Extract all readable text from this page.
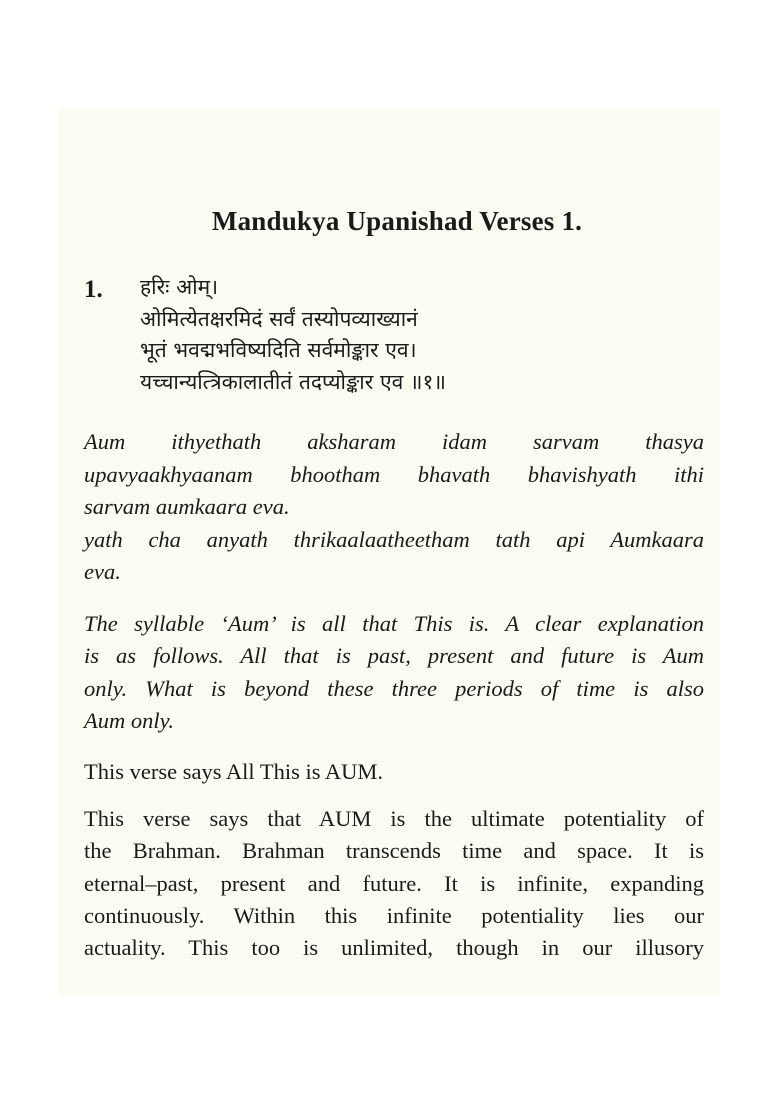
Mandukya Upanishad Verses 1.
1. हरिः ओम्।
ओमित्येतक्षरमिदं सर्वं तस्योपव्याख्यानं
भूतं भवद्मभविष्यदिति सर्वमोङ्कार एव।
यच्चान्यत्त्रिकालातीतं तदप्योङ्कार एव ॥१॥
Aum ithyethath aksharam idam sarvam thasya
upavyaakhyaanam bhootham bhavath bhavishyath ithi
sarvam aumkaara eva.
yath cha anyath thrikaalaatheetham tath api Aumkaara
eva.
The syllable ‘Aum’ is all that This is. A clear explanation
is as follows. All that is past, present and future is Aum
only. What is beyond these three periods of time is also
Aum only.
This verse says All This is AUM.
This verse says that AUM is the ultimate potentiality of
the Brahman. Brahman transcends time and space. It is
eternal–past, present and future. It is infinite, expanding
continuously. Within this infinite potentiality lies our
actuality. This too is unlimited, though in our illusory
